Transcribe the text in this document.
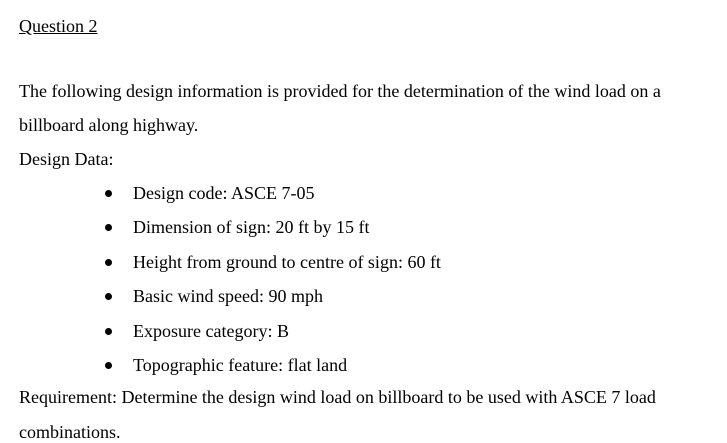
Question 2
The following design information is provided for the determination of the wind load on a
billboard along highway.
Design Data:
Design code: ASCE 7-05
Dimension of sign: 20 ft by 15 ft
Height from ground to centre of sign: 60 ft
Basic wind speed: 90 mph
Exposure category: B
Topographic feature: flat land
Requirement: Determine the design wind load on billboard to be used with ASCE 7 load
combinations.
